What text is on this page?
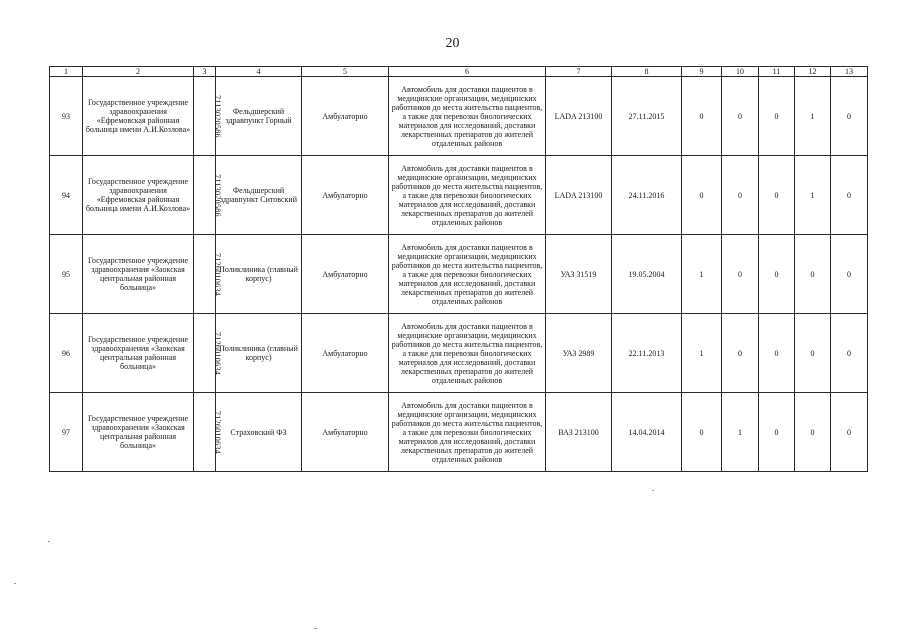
20
1	2	3	4	5	6	7	8	9	10	11	12	13
93	Государственное учреждение здравоохранения «Ефремовская районная больница имени А.И.Козлова»	7113020586	Фельдшерский здравпункт Горный	Амбулаторно	Автомобиль для доставки пациентов в медицинские организации, медицинских работников до места жительства пациентов, а также для перевозки биологических материалов для исследований, доставки лекарственных препаратов до жителей отдаленных районов	LADA 213100	27.11.2015	0	0	0	1	0
94	Государственное учреждение здравоохранения «Ефремовская районная больница имени А.И.Козлова»	7113020586	Фельдшерский здравпункт Ситовский	Амбулаторно	Автомобиль для доставки пациентов в медицинские организации, медицинских работников до места жительства пациентов, а также для перевозки биологических материалов для исследований, доставки лекарственных препаратов до жителей отдаленных районов	LADA 213100	24.11.2016	0	0	0	1	0
95	Государственное учреждение здравоохранения «Заокская центральная районная больница»	7126010634	Поликлиника (главный корпус)	Амбулаторно	Автомобиль для доставки пациентов в медицинские организации, медицинских работников до места жительства пациентов, а также для перевозки биологических материалов для исследований, доставки лекарственных препаратов до жителей отдаленных районов	УАЗ 31519	19.05.2004	1	0	0	0	0
96	Государственное учреждение здравоохранения «Заокская центральная районная больница»	7126010634	Поликлиника (главный корпус)	Амбулаторно	Автомобиль для доставки пациентов в медицинские организации, медицинских работников до места жительства пациентов, а также для перевозки биологических материалов для исследований, доставки лекарственных препаратов до жителей отдаленных районов	УАЗ 2989	22.11.2013	1	0	0	0	0
97	Государственное учреждение здравоохранения «Заокская центральная районная больница»	7126010634	Страховский ФЗ	Амбулаторно	Автомобиль для доставки пациентов в медицинские организации, медицинских работников до места жительства пациентов, а также для перевозки биологических материалов для исследований, доставки лекарственных препаратов до жителей отдаленных районов	ВАЗ 213100	14.04.2014	0	1	0	0	0
